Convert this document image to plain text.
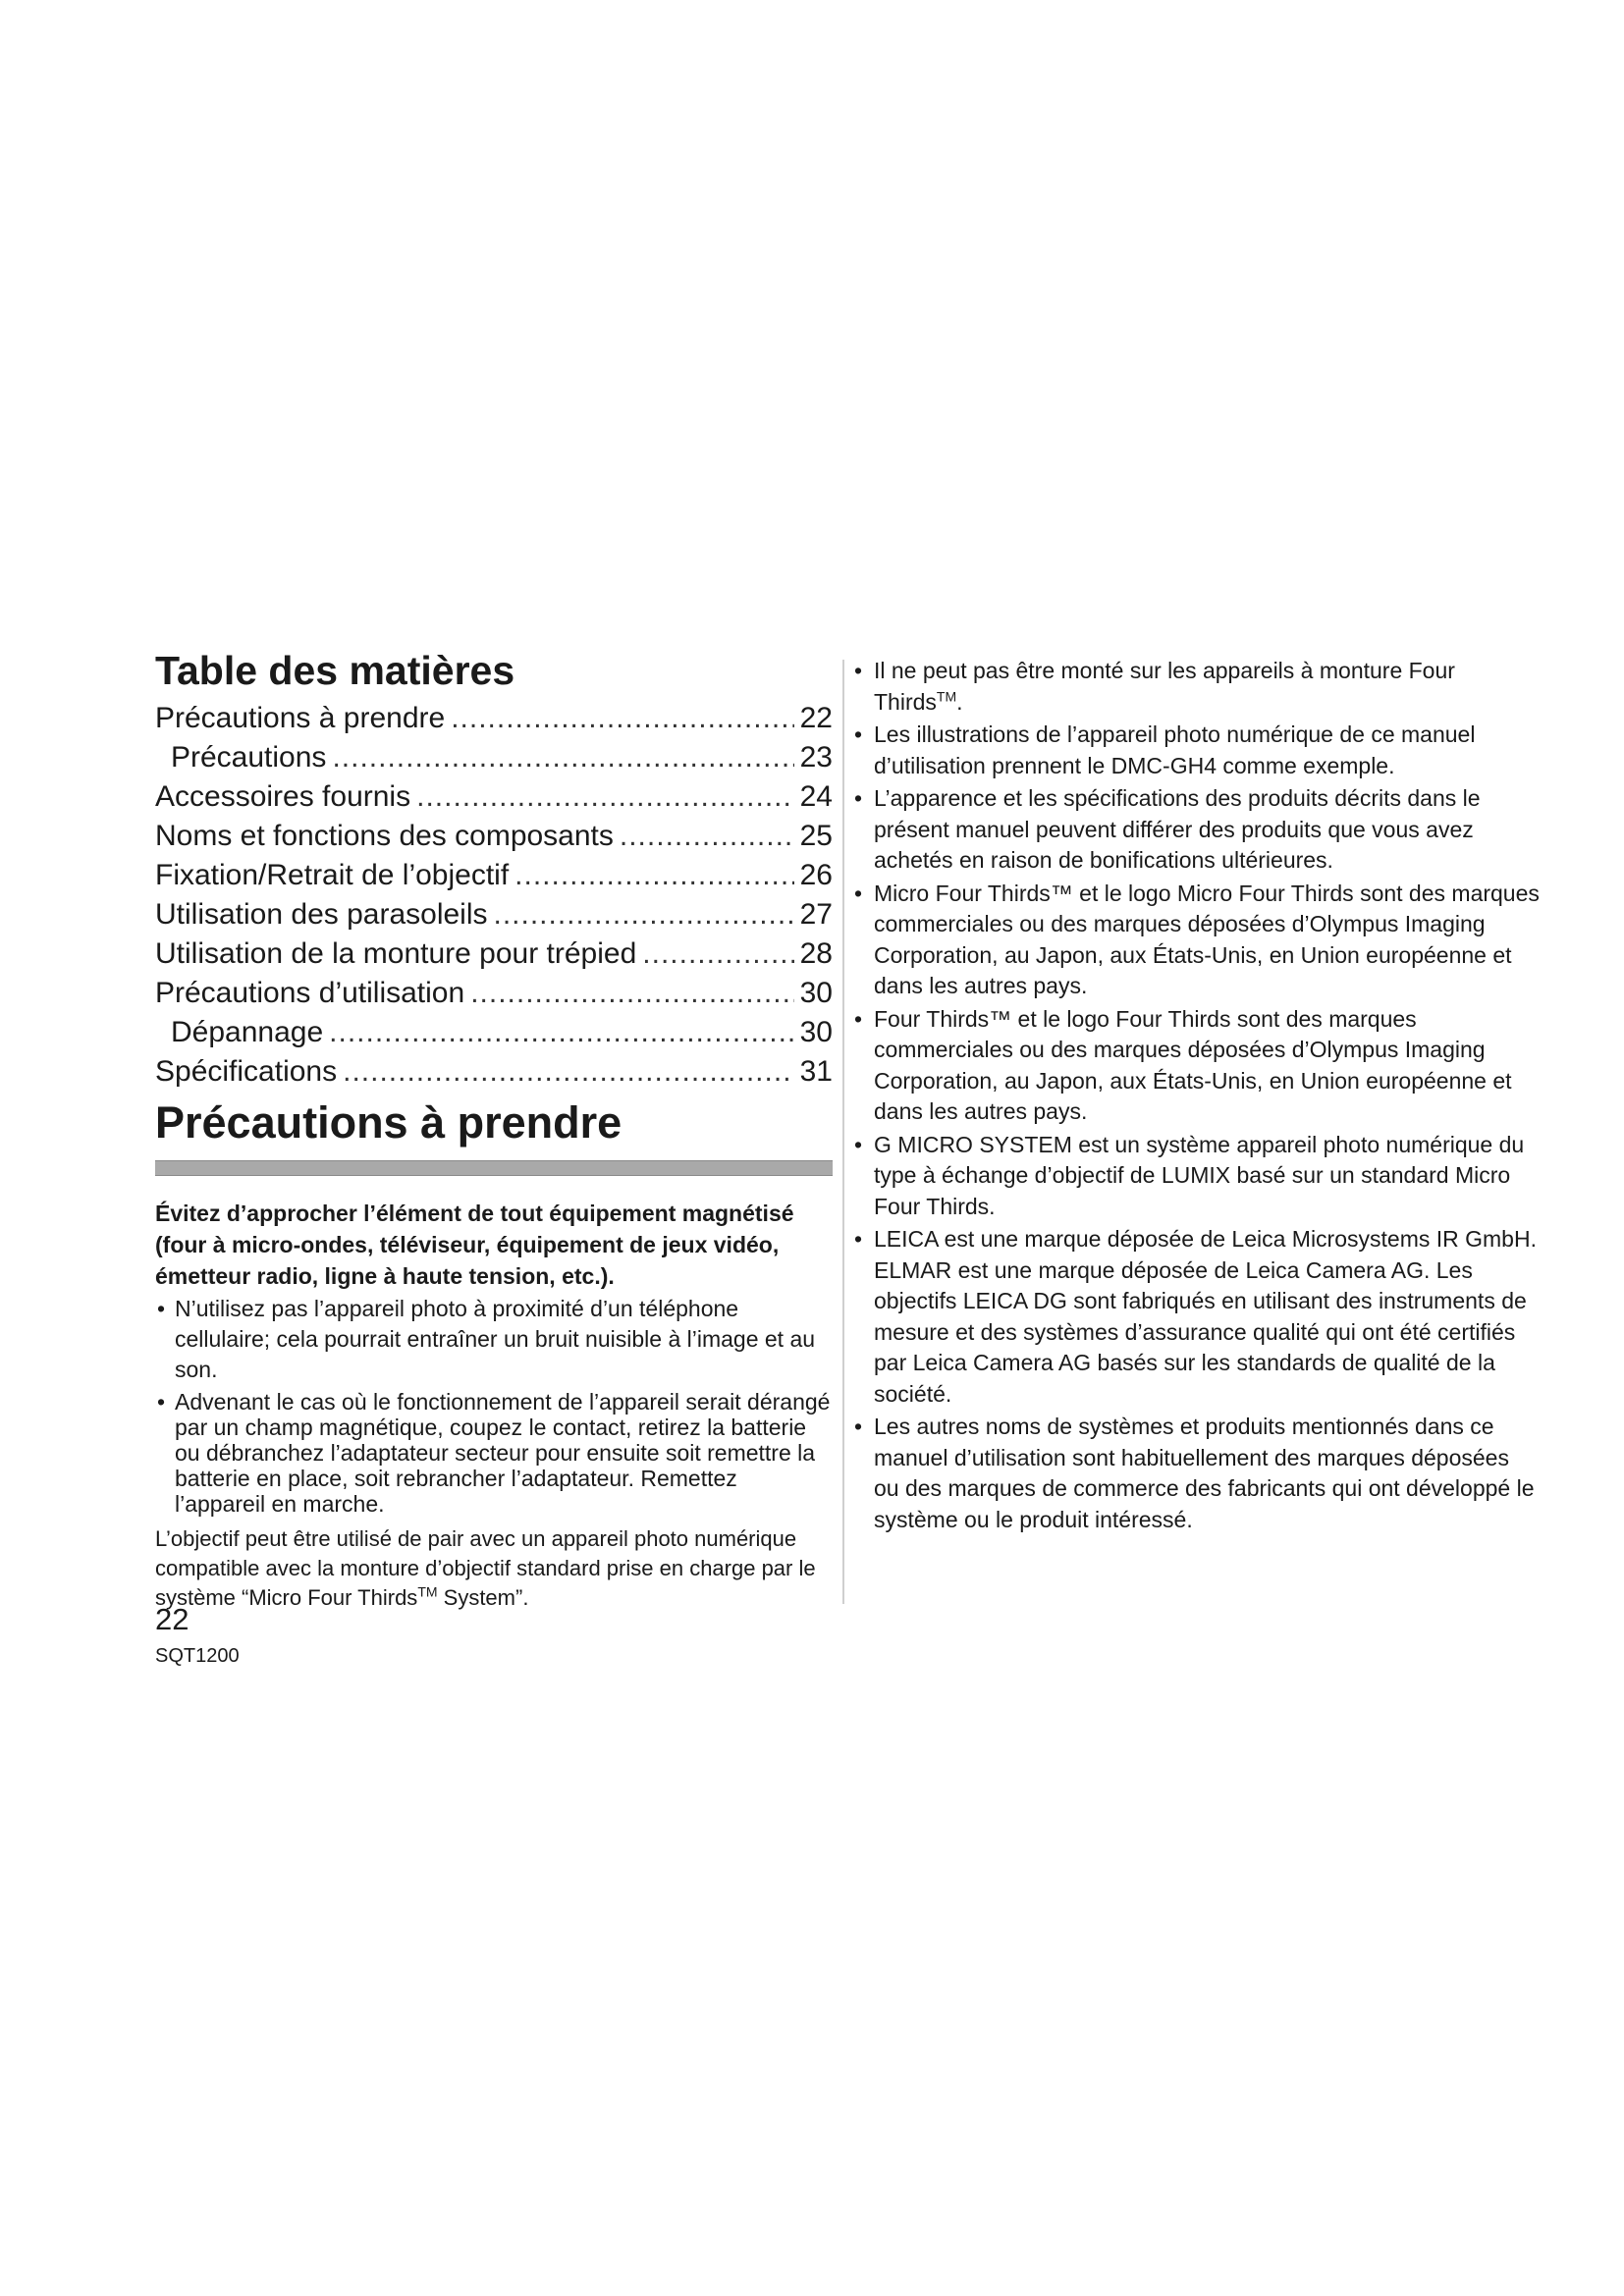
Table des matières
Précautions à prendre .....	22
Précautions .....	23
Accessoires fournis .....	24
Noms et fonctions des composants .....	25
Fixation/Retrait de l’objectif .....	26
Utilisation des parasoleils .....	27
Utilisation de la monture pour trépied .....	28
Précautions d’utilisation .....	30
Dépannage .....	30
Spécifications .....	31
Précautions à prendre

Évitez d’approcher l’élément de tout équipement magnétisé (four à micro-ondes, téléviseur, équipement de jeux vidéo, émetteur radio, ligne à haute tension, etc.).

• N’utilisez pas l’appareil photo à proximité d’un téléphone cellulaire; cela pourrait entraîner un bruit nuisible à l’image et au son.
• Advenant le cas où le fonctionnement de l’appareil serait dérangé par un champ magnétique, coupez le contact, retirez la batterie ou débranchez l’adaptateur secteur pour ensuite soit remettre la batterie en place, soit rebrancher l’adaptateur. Remettez l’appareil en marche.

L’objectif peut être utilisé de pair avec un appareil photo numérique compatible avec la monture d’objectif standard prise en charge par le système “Micro Four Thirds™ System”.

• Il ne peut pas être monté sur les appareils à monture Four Thirds™.
• Les illustrations de l’appareil photo numérique de ce manuel d’utilisation prennent le DMC-GH4 comme exemple.
• L’apparence et les spécifications des produits décrits dans le présent manuel peuvent différer des produits que vous avez achetés en raison de bonifications ultérieures.
• Micro Four Thirds™ et le logo Micro Four Thirds sont des marques commerciales ou des marques déposées d’Olympus Imaging Corporation, au Japon, aux États-Unis, en Union européenne et dans les autres pays.
• Four Thirds™ et le logo Four Thirds sont des marques commerciales ou des marques déposées d’Olympus Imaging Corporation, au Japon, aux États-Unis, en Union européenne et dans les autres pays.
• G MICRO SYSTEM est un système appareil photo numérique du type à échange d’objectif de LUMIX basé sur un standard Micro Four Thirds.
• LEICA est une marque déposée de Leica Microsystems IR GmbH. ELMAR est une marque déposée de Leica Camera AG. Les objectifs LEICA DG sont fabriqués en utilisant des instruments de mesure et des systèmes d’assurance qualité qui ont été certifiés par Leica Camera AG basés sur les standards de qualité de la société.
• Les autres noms de systèmes et produits mentionnés dans ce manuel d’utilisation sont habituellement des marques déposées ou des marques de commerce des fabricants qui ont développé le système ou le produit intéressé.
22
SQT1200
